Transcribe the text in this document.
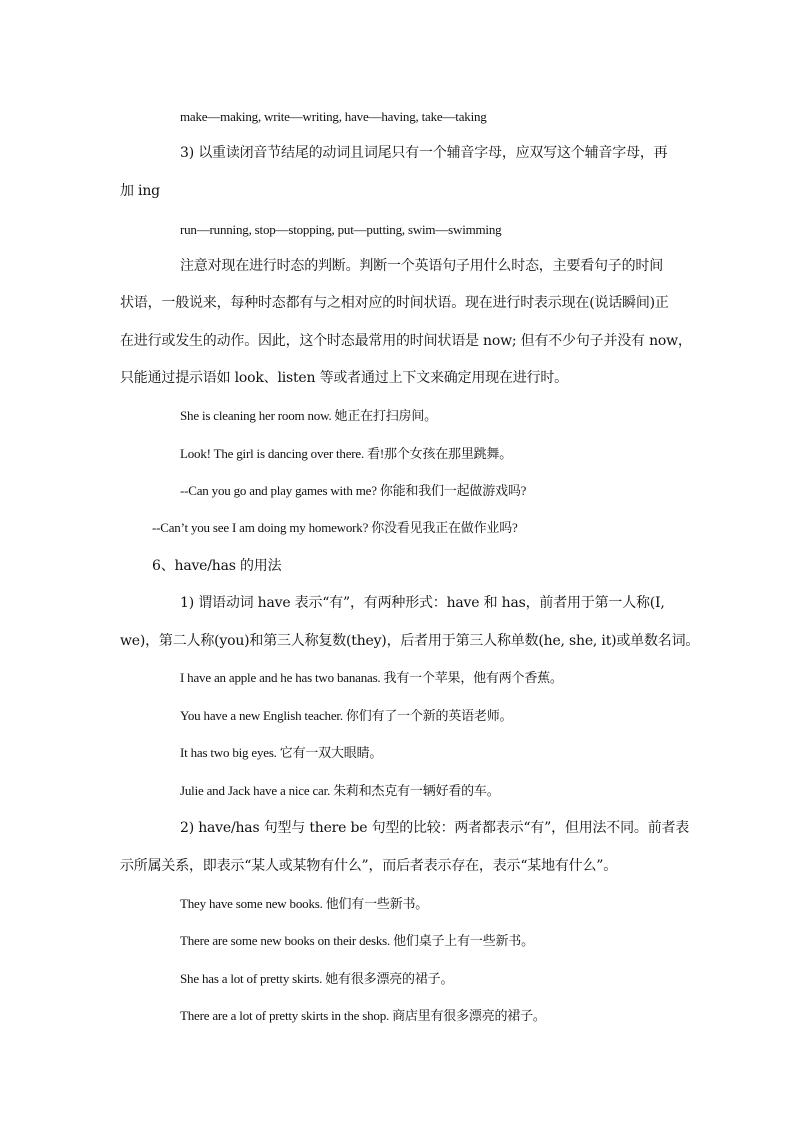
make—making, write—writing, have—having, take—taking
3) 以重读闭音节结尾的动词且词尾只有一个辅音字母，应双写这个辅音字母，再
加 ing
run—running, stop—stopping, put—putting, swim—swimming
注意对现在进行时态的判断。判断一个英语句子用什么时态，主要看句子的时间
状语，一般说来，每种时态都有与之相对应的时间状语。现在进行时表示现在(说话瞬间)正
在进行或发生的动作。因此，这个时态最常用的时间状语是 now; 但有不少句子并没有 now，
只能通过提示语如 look、listen 等或者通过上下文来确定用现在进行时。
She is cleaning her room now. 她正在打扫房间。
Look! The girl is dancing over there. 看!那个女孩在那里跳舞。
--Can you go and play games with me? 你能和我们一起做游戏吗?
--Can’t you see I am doing my homework? 你没看见我正在做作业吗?
6、have/has 的用法
1) 谓语动词 have 表示“有”，有两种形式：have 和 has，前者用于第一人称(I,
we)，第二人称(you)和第三人称复数(they)，后者用于第三人称单数(he, she, it)或单数名词。
I have an apple and he has two bananas. 我有一个苹果，他有两个香蕉。
You have a new English teacher. 你们有了一个新的英语老师。
It has two big eyes. 它有一双大眼睛。
Julie and Jack have a nice car. 朱莉和杰克有一辆好看的车。
2) have/has 句型与 there be 句型的比较：两者都表示“有”，但用法不同。前者表
示所属关系，即表示“某人或某物有什么”，而后者表示存在，表示“某地有什么”。
They have some new books. 他们有一些新书。
There are some new books on their desks. 他们桌子上有一些新书。
She has a lot of pretty skirts. 她有很多漂亮的裙子。
There are a lot of pretty skirts in the shop. 商店里有很多漂亮的裙子。
